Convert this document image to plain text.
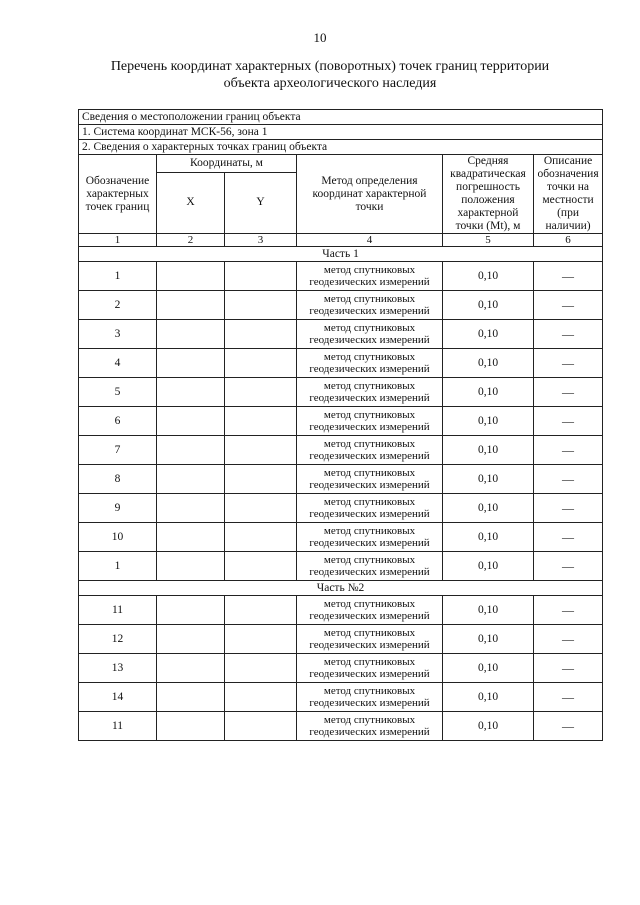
10
Перечень координат характерных (поворотных) точек границ территории
объекта археологического наследия
Сведения о местоположении границ объекта					
1. Система координат МСК-56, зона 1					
2. Сведения о характерных точках границ объекта					
Обозначение характерных точек границ	Координаты, м		Метод определения координат характерной точки	Средняя квадратическая погрешность положения характерной точки (Mt), м	Описание обозначения точки на местности (при наличии)
	X	Y			
1	2	3	4	5	6
Часть 1					
1			метод спутниковых геодезических измерений	0,10	—
2			метод спутниковых геодезических измерений	0,10	—
3			метод спутниковых геодезических измерений	0,10	—
4			метод спутниковых геодезических измерений	0,10	—
5			метод спутниковых геодезических измерений	0,10	—
6			метод спутниковых геодезических измерений	0,10	—
7			метод спутниковых геодезических измерений	0,10	—
8			метод спутниковых геодезических измерений	0,10	—
9			метод спутниковых геодезических измерений	0,10	—
10			метод спутниковых геодезических измерений	0,10	—
1			метод спутниковых геодезических измерений	0,10	—
Часть №2					
11			метод спутниковых геодезических измерений	0,10	—
12			метод спутниковых геодезических измерений	0,10	—
13			метод спутниковых геодезических измерений	0,10	—
14			метод спутниковых геодезических измерений	0,10	—
11			метод спутниковых геодезических измерений	0,10	—
